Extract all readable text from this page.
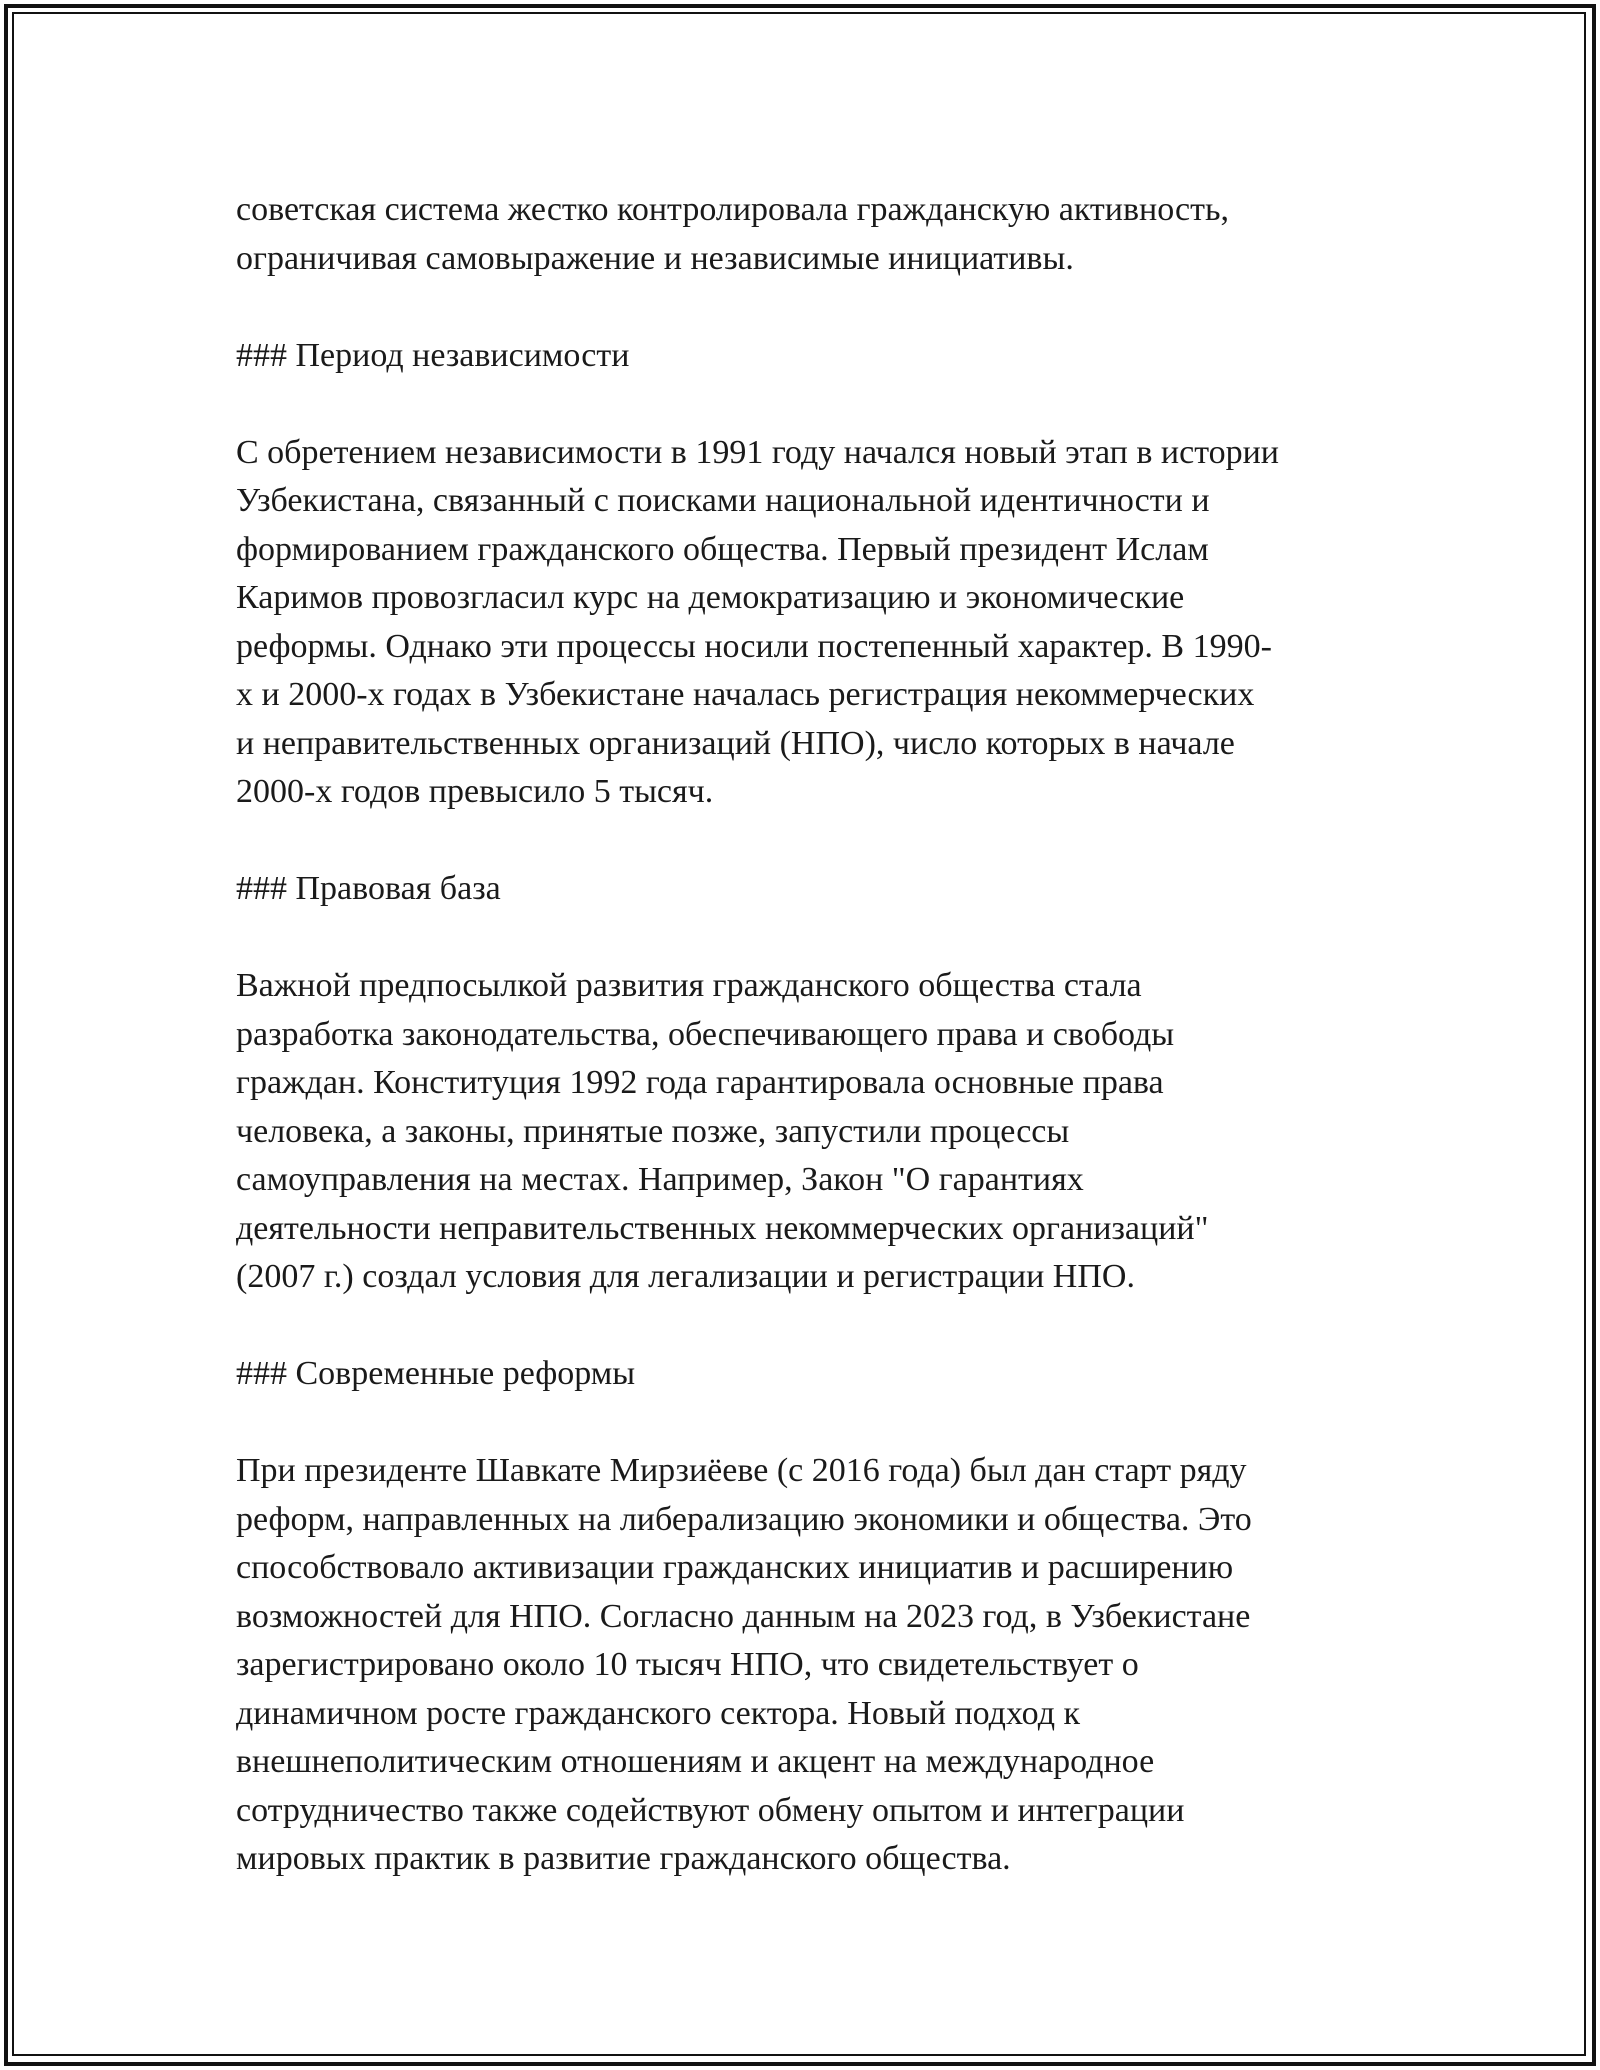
советская система жестко контролировала гражданскую активность,
ограничивая самовыражение и независимые инициативы.
### Период независимости
С обретением независимости в 1991 году начался новый этап в истории
Узбекистана, связанный с поисками национальной идентичности и
формированием гражданского общества. Первый президент Ислам
Каримов провозгласил курс на демократизацию и экономические
реформы. Однако эти процессы носили постепенный характер. В 1990-
х и 2000-х годах в Узбекистане началась регистрация некоммерческих
и неправительственных организаций (НПО), число которых в начале
2000-х годов превысило 5 тысяч.
### Правовая база
Важной предпосылкой развития гражданского общества стала
разработка законодательства, обеспечивающего права и свободы
граждан. Конституция 1992 года гарантировала основные права
человека, а законы, принятые позже, запустили процессы
самоуправления на местах. Например, Закон "О гарантиях
деятельности неправительственных некоммерческих организаций"
(2007 г.) создал условия для легализации и регистрации НПО.
### Современные реформы
При президенте Шавкате Мирзиёеве (с 2016 года) был дан старт ряду
реформ, направленных на либерализацию экономики и общества. Это
способствовало активизации гражданских инициатив и расширению
возможностей для НПО. Согласно данным на 2023 год, в Узбекистане
зарегистрировано около 10 тысяч НПО, что свидетельствует о
динамичном росте гражданского сектора. Новый подход к
внешнеполитическим отношениям и акцент на международное
сотрудничество также содействуют обмену опытом и интеграции
мировых практик в развитие гражданского общества.
